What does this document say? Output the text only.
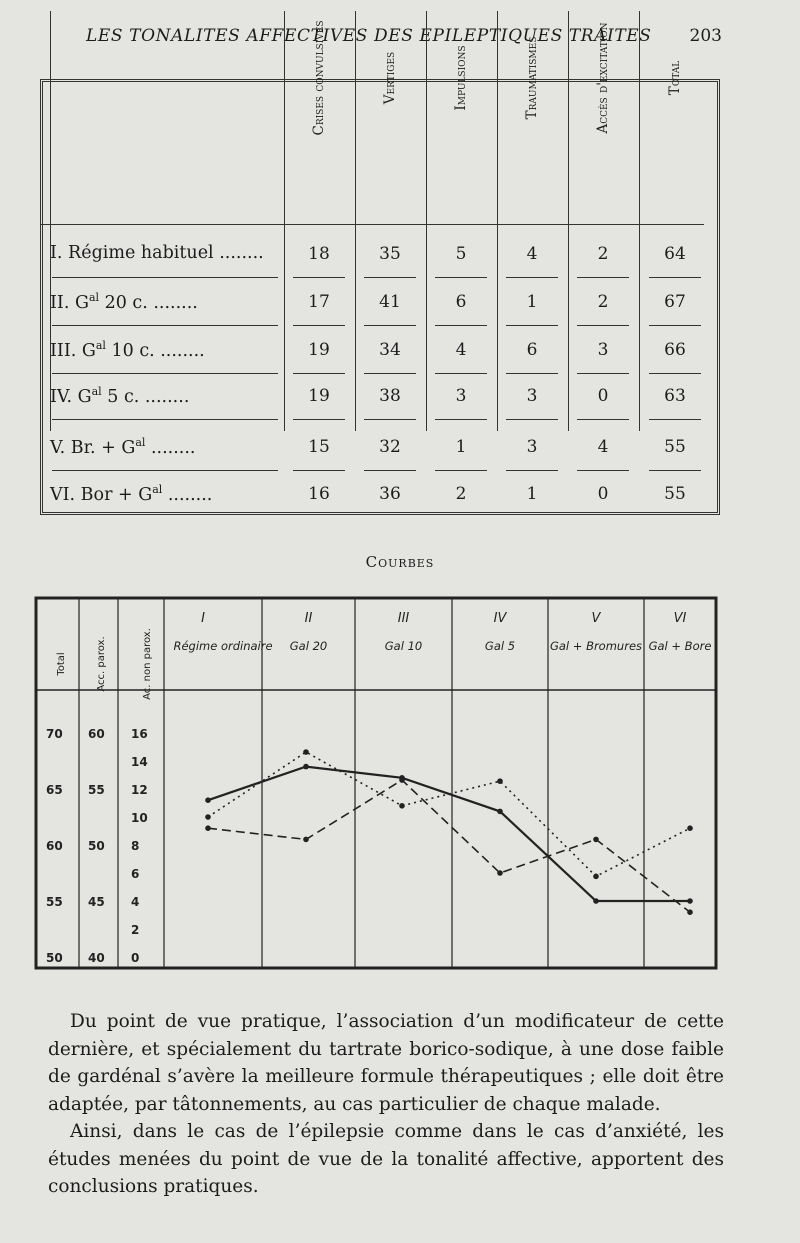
LES TONALITES AFFECTIVES DES EPILEPTIQUES TRAITES 203
Crises convulsives	Vertiges	Impulsions	Traumatismes	Accès d'excitation	Total
I. Régime habituel ........	18	35	5	4	2	64
II. $G^{al}$ 20 c. ........	17	41	6	1	2	67
III. $G^{al}$ 10 c. ........	19	34	4	6	3	66
IV. $G^{al}$ 5 c. ........	19	38	3	3	0	63
V. Br. + $G^{al}$ ........	15	32	1	3	4	55
VI. Bor + $G^{al}$ ........	16	36	2	1	0	55
Courbes
I
Régime ordinaire
II
Gal 20
III
Gal 10
IV
Gal 5
V
Gal + Bromures
VI
Gal + Bore
Total	Acc. parox.	Ac. non parox.
70
65
60
55
50
60
55
50
45
40
16
14
12
10
8
6
4
2
0

Du point de vue pratique, l’association d’un modificateur de cette dernière, et spécialement du tartrate borico-sodique, à une dose faible de gardénal s’avère la meilleure formule thérapeutiques ; elle doit être adaptée, par tâtonnements, au cas particulier de chaque malade.

Ainsi, dans le cas de l’épilepsie comme dans le cas d’anxiété, les études menées du point de vue de la tonalité affective, apportent des conclusions pratiques.
